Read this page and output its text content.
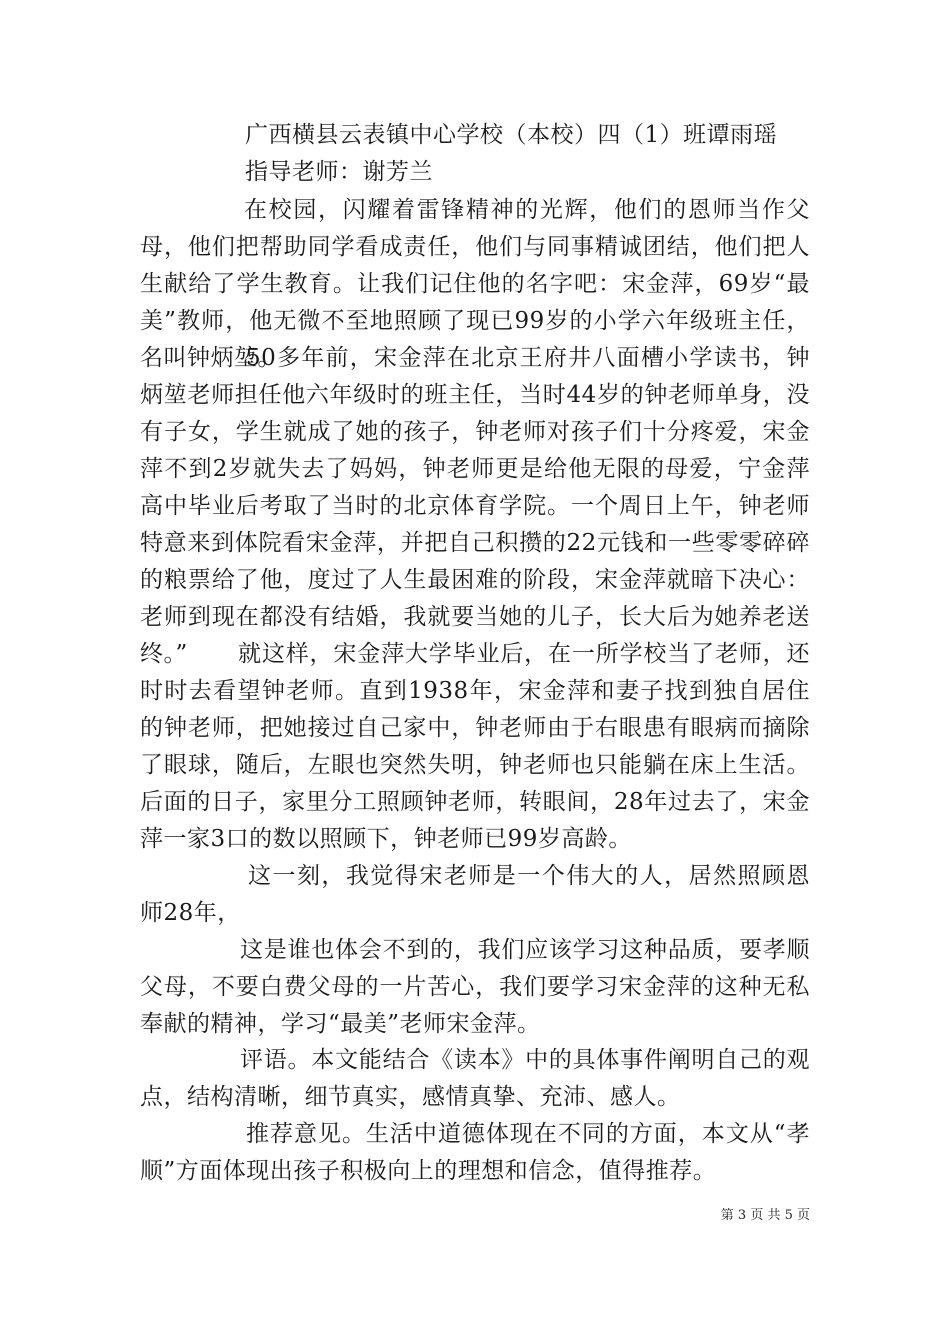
广西横县云表镇中心学校（本校）四（1）班谭雨瑶

指导老师：谢芳兰

在校园，闪耀着雷锋精神的光辉，他们的恩师当作父母，他们把帮助同学看成责任，他们与同事精诚团结，他们把人生献给了学生教育。让我们记住他的名字吧：宋金萍，69岁“最美”教师，他无微不至地照顾了现已99岁的小学六年级班主任，名叫钟炳堃。

50多年前，宋金萍在北京王府井八面槽小学读书，钟炳堃老师担任他六年级时的班主任，当时44岁的钟老师单身，没有子女，学生就成了她的孩子，钟老师对孩子们十分疼爱，宋金萍不到2岁就失去了妈妈，钟老师更是给他无限的母爱，宁金萍高中毕业后考取了当时的北京体育学院。一个周日上午，钟老师特意来到体院看宋金萍，并把自己积攒的22元钱和一些零零碎碎的粮票给了他，度过了人生最困难的阶段，宋金萍就暗下决心：老师到现在都没有结婚，我就要当她的儿子，长大后为她养老送终。”	就这样，宋金萍大学毕业后，在一所学校当了老师，还时时去看望钟老师。直到1938年，宋金萍和妻子找到独自居住的钟老师，把她接过自己家中，钟老师由于右眼患有眼病而摘除了眼球，随后，左眼也突然失明，钟老师也只能躺在床上生活。后面的日子，家里分工照顾钟老师，转眼间，28年过去了，宋金萍一家3口的数以照顾下，钟老师已99岁高龄。

这一刻，我觉得宋老师是一个伟大的人，居然照顾恩师28年，

这是谁也体会不到的，我们应该学习这种品质，要孝顺父母，不要白费父母的一片苦心，我们要学习宋金萍的这种无私奉献的精神，学习“最美”老师宋金萍。

评语。本文能结合《读本》中的具体事件阐明自己的观点，结构清晰，细节真实，感情真挚、充沛、感人。

推荐意见。生活中道德体现在不同的方面，本文从“孝顺”方面体现出孩子积极向上的理想和信念，值得推荐。

第 3 页 共 5 页
